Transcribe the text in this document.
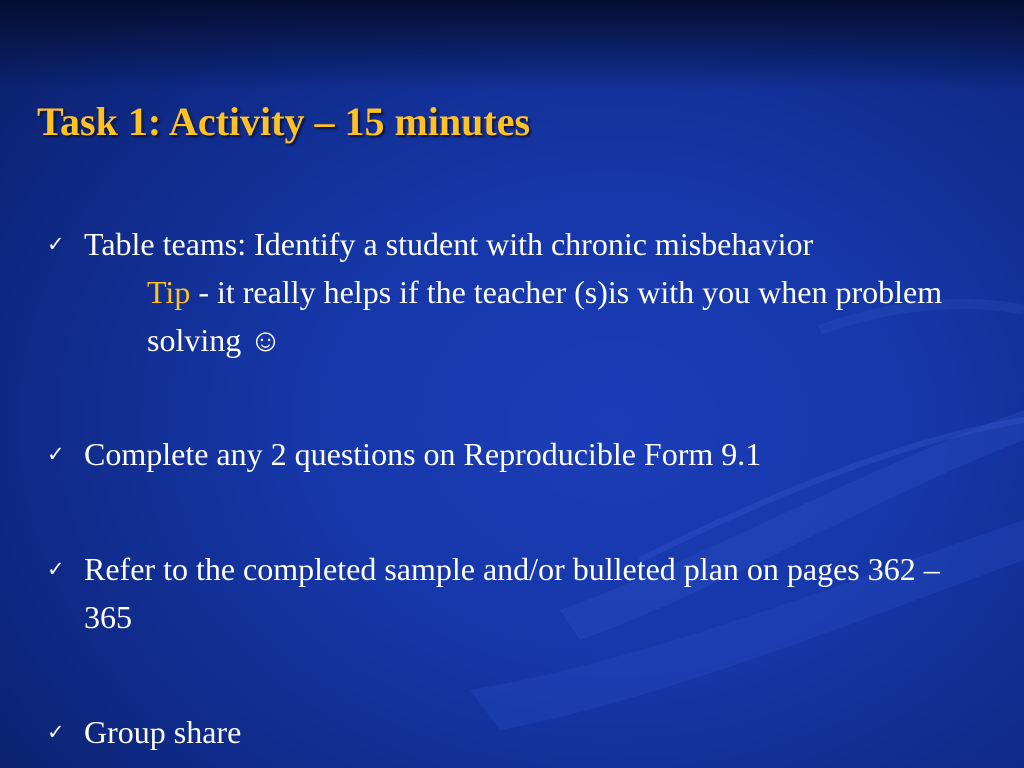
Task 1: Activity – 15 minutes
✓ Table teams: Identify a student with chronic misbehavior
Tip - it really helps if the teacher (s)is with you when problem solving ☺
✓ Complete any 2 questions on Reproducible Form 9.1
✓ Refer to the completed sample and/or bulleted plan on pages 362 – 365
✓ Group share
